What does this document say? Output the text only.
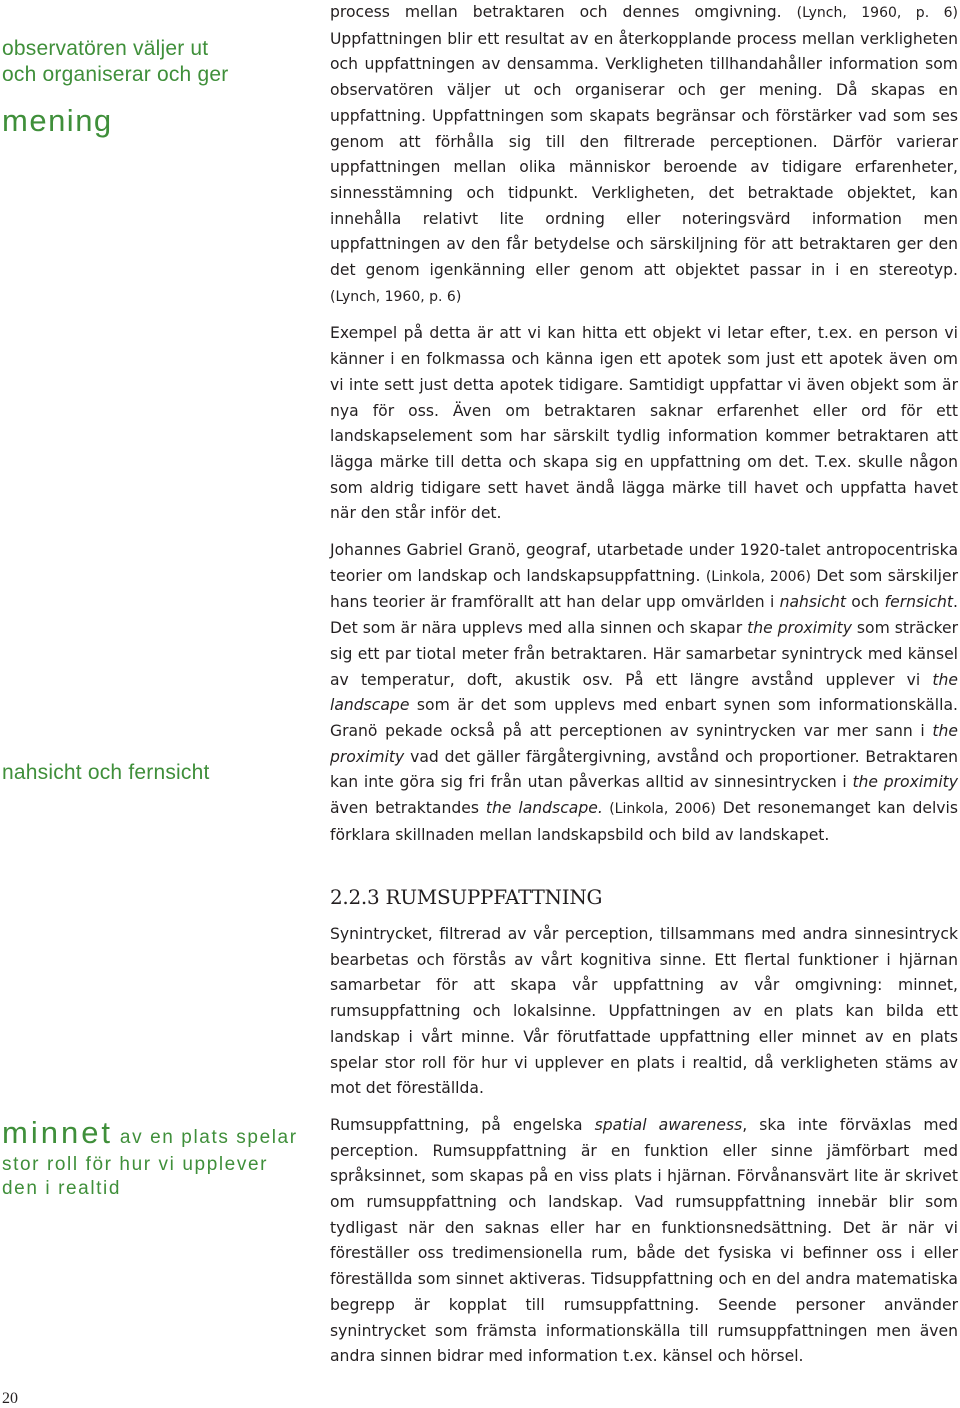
observatören väljer ut
och organiserar och ger
mening
nahsicht och fernsicht
minnet av en plats spelar stor roll för hur vi upplever den i realtid

process mellan betraktaren och dennes omgivning. (Lynch, 1960, p. 6) Uppfattningen blir ett resultat av en återkopplande process mellan verkligheten och uppfattningen av densamma. Verkligheten tillhandahåller information som observatören väljer ut och organiserar och ger mening. Då skapas en uppfattning. Uppfattningen som skapats begränsar och förstärker vad som ses genom att förhålla sig till den filtrerade perceptionen. Därför varierar uppfattningen mellan olika människor beroende av tidigare erfarenheter, sinnesstämning och tidpunkt. Verkligheten, det betraktade objektet, kan innehålla relativt lite ordning eller noteringsvärd information men uppfattningen av den får betydelse och särskiljning för att betraktaren ger den det genom igenkänning eller genom att objektet passar in i en stereotyp. (Lynch, 1960, p. 6)

Exempel på detta är att vi kan hitta ett objekt vi letar efter, t.ex. en person vi känner i en folkmassa och känna igen ett apotek som just ett apotek även om vi inte sett just detta apotek tidigare. Samtidigt uppfattar vi även objekt som är nya för oss. Även om betraktaren saknar erfarenhet eller ord för ett landskapselement som har särskilt tydlig information kommer betraktaren att lägga märke till detta och skapa sig en uppfattning om det. T.ex. skulle någon som aldrig tidigare sett havet ändå lägga märke till havet och uppfatta havet när den står inför det.

Johannes Gabriel Granö, geograf, utarbetade under 1920-talet antropocentriska teorier om landskap och landskapsuppfattning. (Linkola, 2006) Det som särskiljer hans teorier är framförallt att han delar upp omvärlden i nahsicht och fernsicht. Det som är nära upplevs med alla sinnen och skapar the proximity som sträcker sig ett par tiotal meter från betraktaren. Här samarbetar synintryck med känsel av temperatur, doft, akustik osv. På ett längre avstånd upplever vi the landscape som är det som upplevs med enbart synen som informationskälla. Granö pekade också på att perceptionen av synintrycken var mer sann i the proximity vad det gäller färgåtergivning, avstånd och proportioner. Betraktaren kan inte göra sig fri från utan påverkas alltid av sinnesintrycken i the proximity även betraktandes the landscape. (Linkola, 2006) Det resonemanget kan delvis förklara skillnaden mellan landskapsbild och bild av landskapet.

2.2.3 RUMSUPPFATTNING

Synintrycket, filtrerad av vår perception, tillsammans med andra sinnesintryck bearbetas och förstås av vårt kognitiva sinne. Ett flertal funktioner i hjärnan samarbetar för att skapa vår uppfattning av vår omgivning: minnet, rumsuppfattning och lokalsinne. Uppfattningen av en plats kan bilda ett landskap i vårt minne. Vår förutfattade uppfattning eller minnet av en plats spelar stor roll för hur vi upplever en plats i realtid, då verkligheten stäms av mot det föreställda.

Rumsuppfattning, på engelska spatial awareness, ska inte förväxlas med perception. Rumsuppfattning är en funktion eller sinne jämförbart med språksinnet, som skapas på en viss plats i hjärnan. Förvånansvärt lite är skrivet om rumsuppfattning och landskap. Vad rumsuppfattning innebär blir som tydligast när den saknas eller har en funktionsnedsättning. Det är när vi föreställer oss tredimensionella rum, både det fysiska vi befinner oss i eller föreställda som sinnet aktiveras. Tidsuppfattning och en del andra matematiska begrepp är kopplat till rumsuppfattning. Seende personer använder synintrycket som främsta informationskälla till rumsuppfattningen men även andra sinnen bidrar med information t.ex. känsel och hörsel.

20
